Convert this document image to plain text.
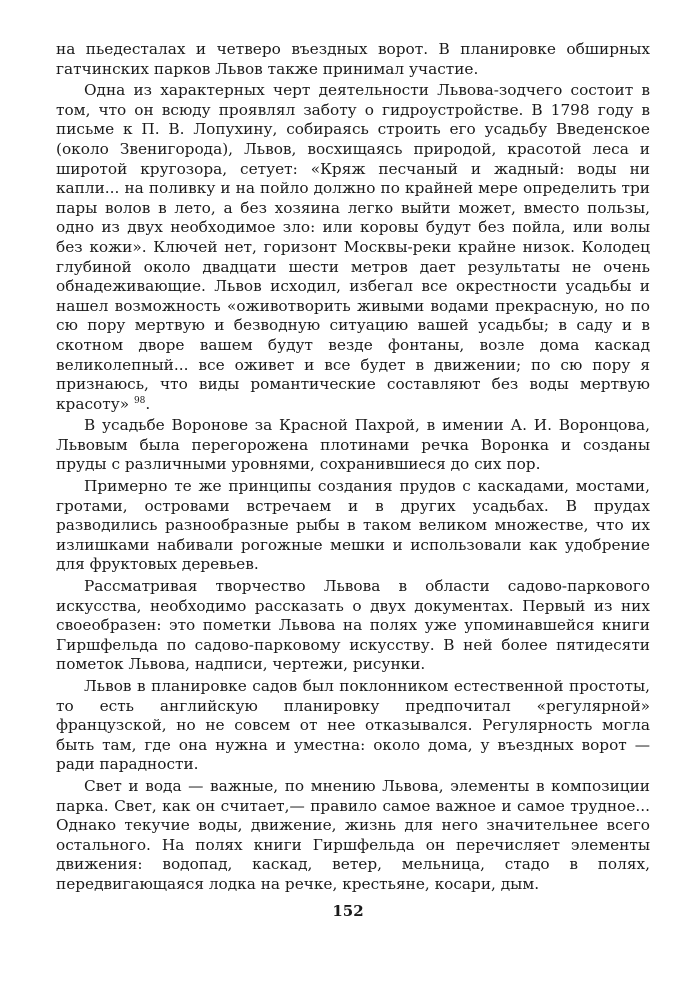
на пьедесталах и четверо въездных ворот. В планировке обширных гатчинских парков Львов также принимал участие.

Одна из характерных черт деятельности Львова-зодчего состоит в том, что он всюду проявлял заботу о гидроустройстве. В 1798 году в письме к П. В. Лопухину, собираясь строить его усадьбу Введенское (около Звенигорода), Львов, восхищаясь природой, красотой леса и широтой кругозора, сетует: «Кряж песчаный и жадный: воды ни капли... на поливку и на пойло должно по крайней мере определить три пары волов в лето, а без хозяина легко выйти может, вместо пользы, одно из двух необходимое зло: или коровы будут без пойла, или волы без кожи». Ключей нет, горизонт Москвы-реки крайне низок. Колодец глубиной около двадцати шести метров дает результаты не очень обнадеживающие. Львов исходил, избегал все окрестности усадьбы и нашел возможность «оживотворить живыми водами прекрасную, но по сю пору мертвую и безводную ситуацию вашей усадьбы; в саду и в скотном дворе вашем будут везде фонтаны, возле дома каскад великолепный... все оживет и все будет в движении; по сю пору я признаюсь, что виды романтические составляют без воды мертвую красоту» $^{98}$.

В усадьбе Воронове за Красной Пахрой, в имении А. И. Воронцова, Львовым была перегорожена плотинами речка Воронка и созданы пруды с различными уровнями, сохранившиеся до сих пор.

Примерно те же принципы создания прудов с каскадами, мостами, гротами, островами встречаем и в других усадьбах. В прудах разводились разнообразные рыбы в таком великом множестве, что их излишками набивали рогожные мешки и использовали как удобрение для фруктовых деревьев.

Рассматривая творчество Львова в области садово-паркового искусства, необходимо рассказать о двух документах. Первый из них своеобразен: это пометки Львова на полях уже упоминавшейся книги Гиршфельда по садово-парковому искусству. В ней более пятидесяти пометок Львова, надписи, чертежи, рисунки.

Львов в планировке садов был поклонником естественной простоты, то есть английскую планировку предпочитал «регулярной» французской, но не совсем от нее отказывался. Регулярность могла быть там, где она нужна и уместна: около дома, у въездных ворот — ради парадности.

Свет и вода — важные, по мнению Львова, элементы в композиции парка. Свет, как он считает,— правило самое важное и самое трудное... Однако текучие воды, движение, жизнь для него значительнее всего остального. На полях книги Гиршфельда он перечисляет элементы движения: водопад, каскад, ветер, мельница, стадо в полях, передвигающаяся лодка на речке, крестьяне, косари, дым.

152
